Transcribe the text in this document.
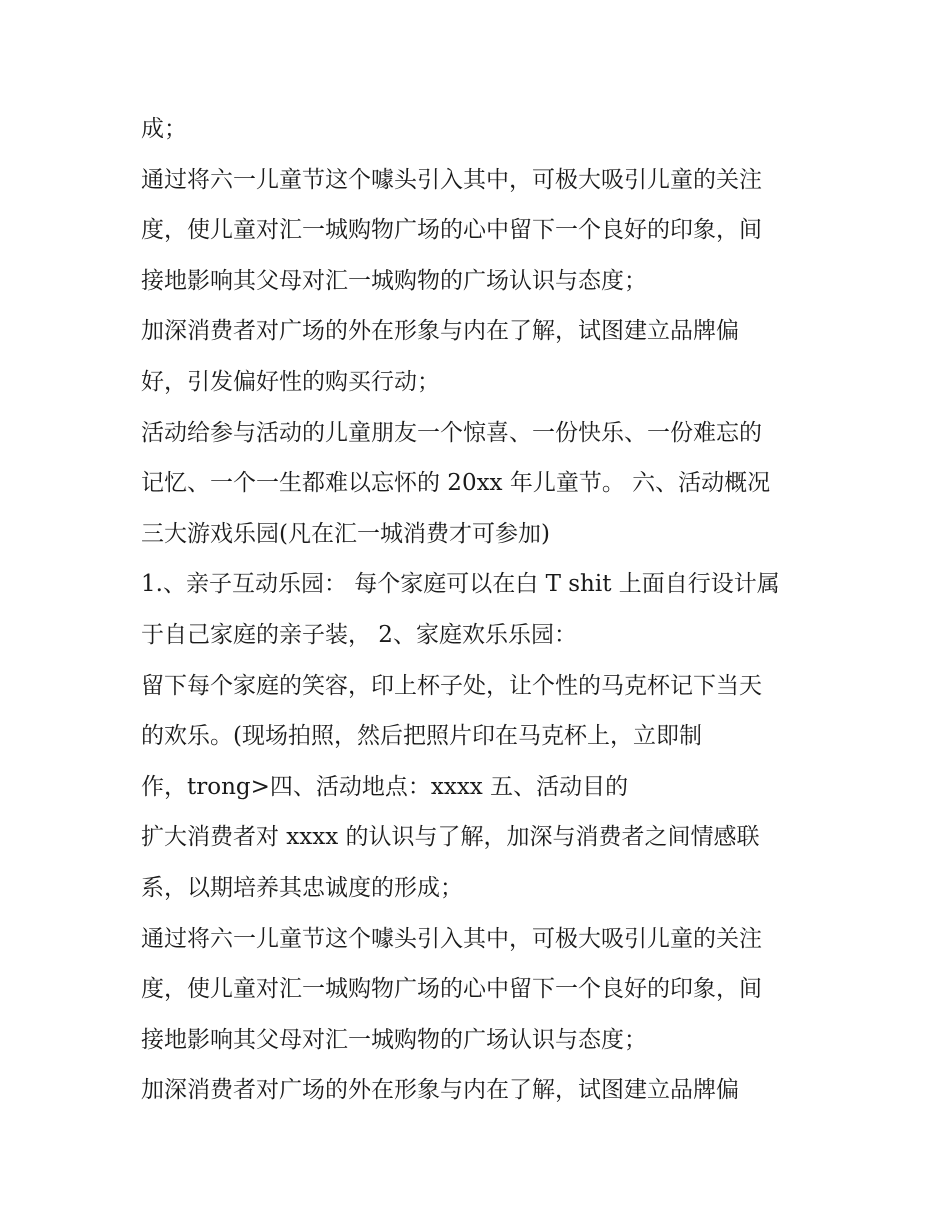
成；

通过将六一儿童节这个噱头引入其中，可极大吸引儿童的关注

度，使儿童对汇一城购物广场的心中留下一个良好的印象，间

接地影响其父母对汇一城购物的广场认识与态度；

加深消费者对广场的外在形象与内在了解，试图建立品牌偏

好，引发偏好性的购买行动；

活动给参与活动的儿童朋友一个惊喜、一份快乐、一份难忘的

记忆、一个一生都难以忘怀的 20xx 年儿童节。 六、活动概况

三大游戏乐园(凡在汇一城消费才可参加)

1.、亲子互动乐园： 每个家庭可以在白 T shit 上面自行设计属

于自己家庭的亲子装， 2、家庭欢乐乐园：

留下每个家庭的笑容，印上杯子处，让个性的马克杯记下当天

的欢乐。(现场拍照，然后把照片印在马克杯上，立即制

作，trong>四、活动地点：xxxx 五、活动目的

扩大消费者对 xxxx 的认识与了解，加深与消费者之间情感联

系，以期培养其忠诚度的形成；

通过将六一儿童节这个噱头引入其中，可极大吸引儿童的关注

度，使儿童对汇一城购物广场的心中留下一个良好的印象，间

接地影响其父母对汇一城购物的广场认识与态度；

加深消费者对广场的外在形象与内在了解，试图建立品牌偏
